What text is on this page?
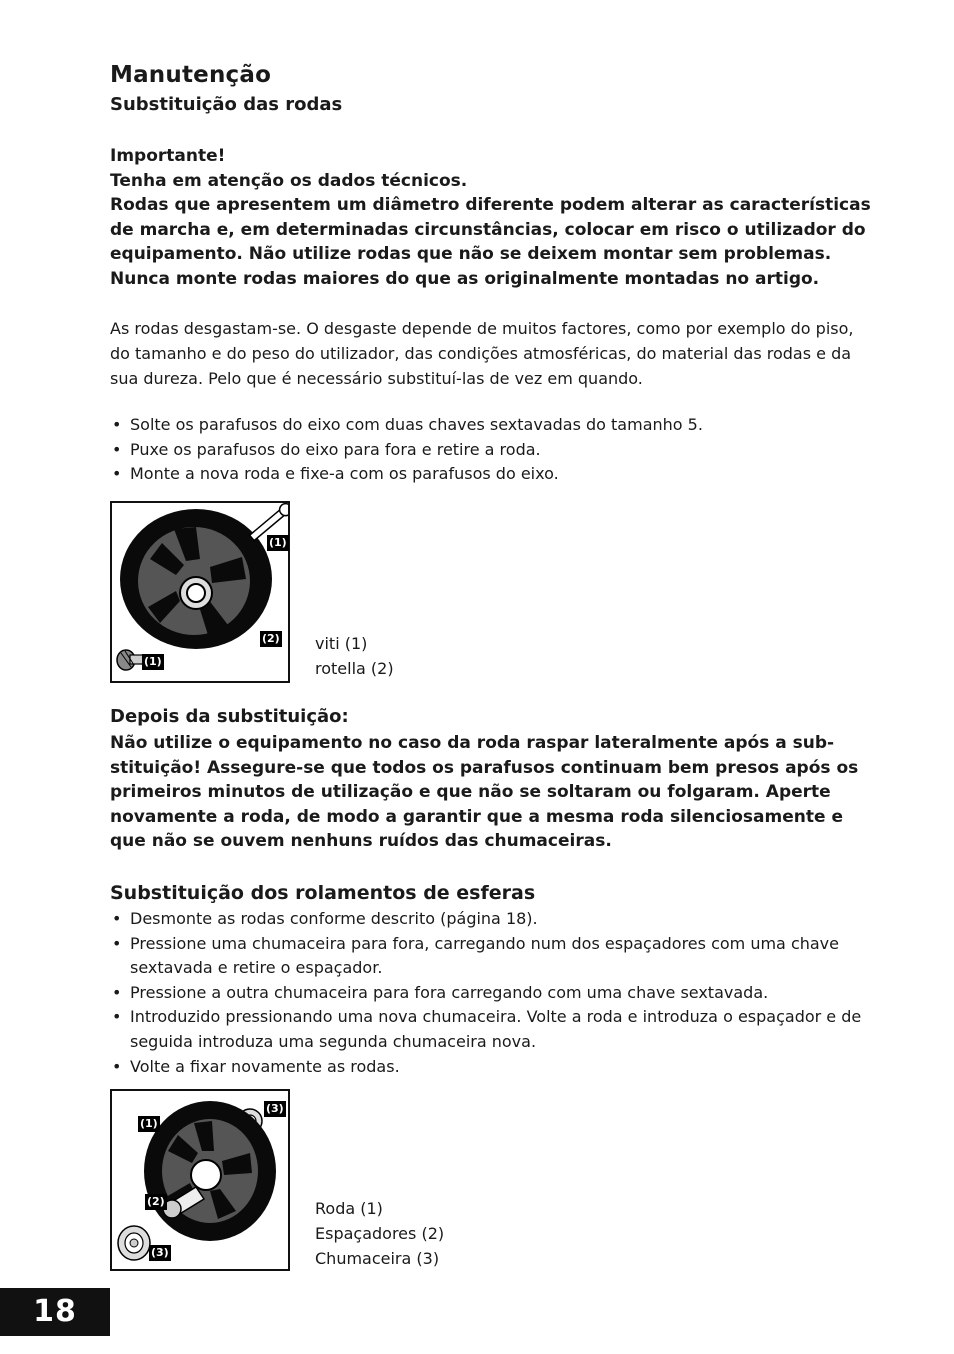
Manutenção
Substituição das rodas
Importante!
Tenha em atenção os dados técnicos.
Rodas que apresentem um diâmetro diferente podem alterar as características
de marcha e, em determinadas circunstâncias, colocar em risco o utilizador do
equipamento. Não utilize rodas que não se deixem montar sem problemas.
Nunca monte rodas maiores do que as originalmente montadas no artigo.
As rodas desgastam-se. O desgaste depende de muitos factores, como por exemplo do piso,
do tamanho e do peso do utilizador, das condições atmosféricas, do material das rodas e da
sua dureza. Pelo que é necessário substituí-las de vez em quando.
• Solte os parafusos do eixo com duas chaves sextavadas do tamanho 5.
• Puxe os parafusos do eixo para fora e retire a roda.
• Monte a nova roda e fixe-a com os parafusos do eixo.
(1)
(2)
(1)
viti (1)
rotella (2)
Depois da substituição:
Não utilize o equipamento no caso da roda raspar lateralmente após a sub-
stituição! Assegure-se que todos os parafusos continuam bem presos após os
primeiros minutos de utilização e que não se soltaram ou folgaram. Aperte
novamente a roda, de modo a garantir que a mesma roda silenciosamente e
que não se ouvem nenhuns ruídos das chumaceiras.
Substituição dos rolamentos de esferas
• Desmonte as rodas conforme descrito (página 18).
• Pressione uma chumaceira para fora, carregando num dos espaçadores com uma chave
sextavada e retire o espaçador.
• Pressione a outra chumaceira para fora carregando com uma chave sextavada.
• Introduzido pressionando uma nova chumaceira. Volte a roda e introduza o espaçador e de
seguida introduza uma segunda chumaceira nova.
• Volte a fixar novamente as rodas.
(1)
(3)
(2)
(3)
Roda (1)
Espaçadores (2)
Chumaceira (3)
18
